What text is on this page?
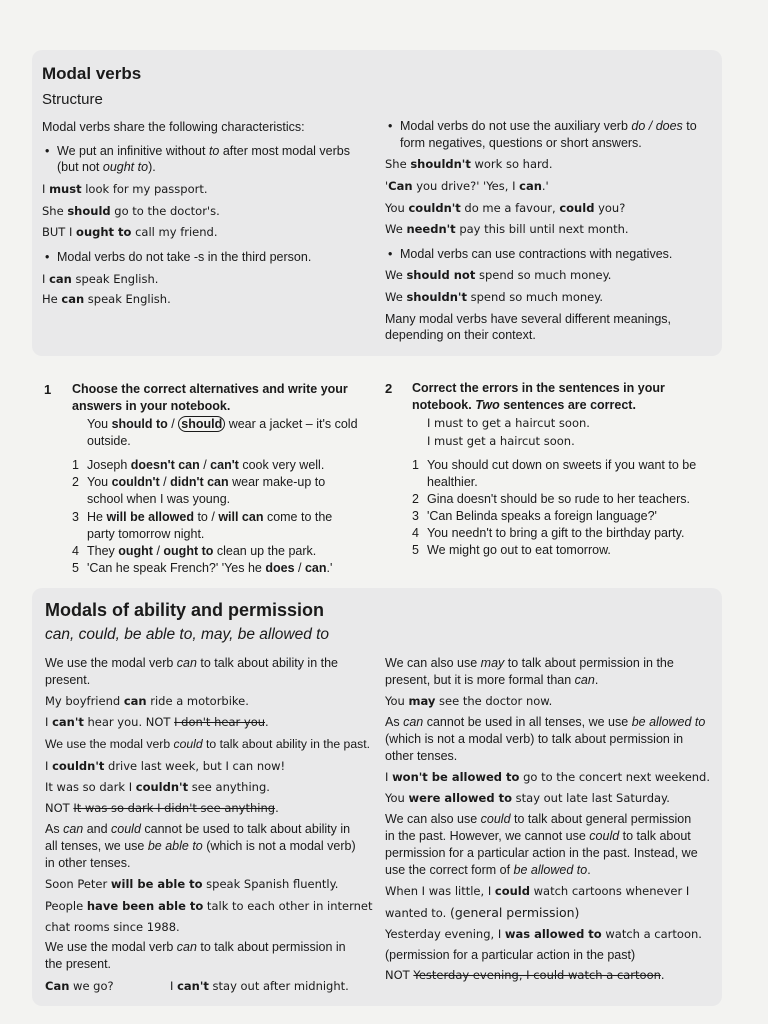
Modal verbs
Structure
Modal verbs share the following characteristics:
• We put an infinitive without to after most modal verbs
(but not ought to).
I must look for my passport.
She should go to the doctor's.
BUT I ought to call my friend.
• Modal verbs do not take -s in the third person.
I can speak English.
He can speak English.
• Modal verbs do not use the auxiliary verb do / does to
form negatives, questions or short answers.
She shouldn't work so hard.
'Can you drive?' 'Yes, I can.'
You couldn't do me a favour, could you?
We needn't pay this bill until next month.
• Modal verbs can use contractions with negatives.
We should not spend so much money.
We shouldn't spend so much money.
Many modal verbs have several different meanings,
depending on their context.
1 Choose the correct alternatives and write your
answers in your notebook.
You should to / should wear a jacket – it's cold
outside.
1 Joseph doesn't can / can't cook very well.
2 You couldn't / didn't can wear make-up to
school when I was young.
3 He will be allowed to / will can come to the
party tomorrow night.
4 They ought / ought to clean up the park.
5 'Can he speak French?' 'Yes he does / can.'
2 Correct the errors in the sentences in your
notebook. Two sentences are correct.
I must to get a haircut soon.
I must get a haircut soon.
1 You should cut down on sweets if you want to be
healthier.
2 Gina doesn't should be so rude to her teachers.
3 'Can Belinda speaks a foreign language?'
4 You needn't to bring a gift to the birthday party.
5 We might go out to eat tomorrow.
Modals of ability and permission
can, could, be able to, may, be allowed to
We use the modal verb can to talk about ability in the
present.
My boyfriend can ride a motorbike.
I can't hear you. NOT I don't hear you.
We use the modal verb could to talk about ability in the past.
I couldn't drive last week, but I can now!
It was so dark I couldn't see anything.
NOT It was so dark I didn't see anything.
As can and could cannot be used to talk about ability in
all tenses, we use be able to (which is not a modal verb)
in other tenses.
Soon Peter will be able to speak Spanish fluently.
People have been able to talk to each other in internet
chat rooms since 1988.
We use the modal verb can to talk about permission in
the present.
Can we go?	I can't stay out after midnight.
We can also use may to talk about permission in the
present, but it is more formal than can.
You may see the doctor now.
As can cannot be used in all tenses, we use be allowed to
(which is not a modal verb) to talk about permission in
other tenses.
I won't be allowed to go to the concert next weekend.
You were allowed to stay out late last Saturday.
We can also use could to talk about general permission
in the past. However, we cannot use could to talk about
permission for a particular action in the past. Instead, we
use the correct form of be allowed to.
When I was little, I could watch cartoons whenever I
wanted to. (general permission)
Yesterday evening, I was allowed to watch a cartoon.
(permission for a particular action in the past)
NOT Yesterday evening, I could watch a cartoon.
